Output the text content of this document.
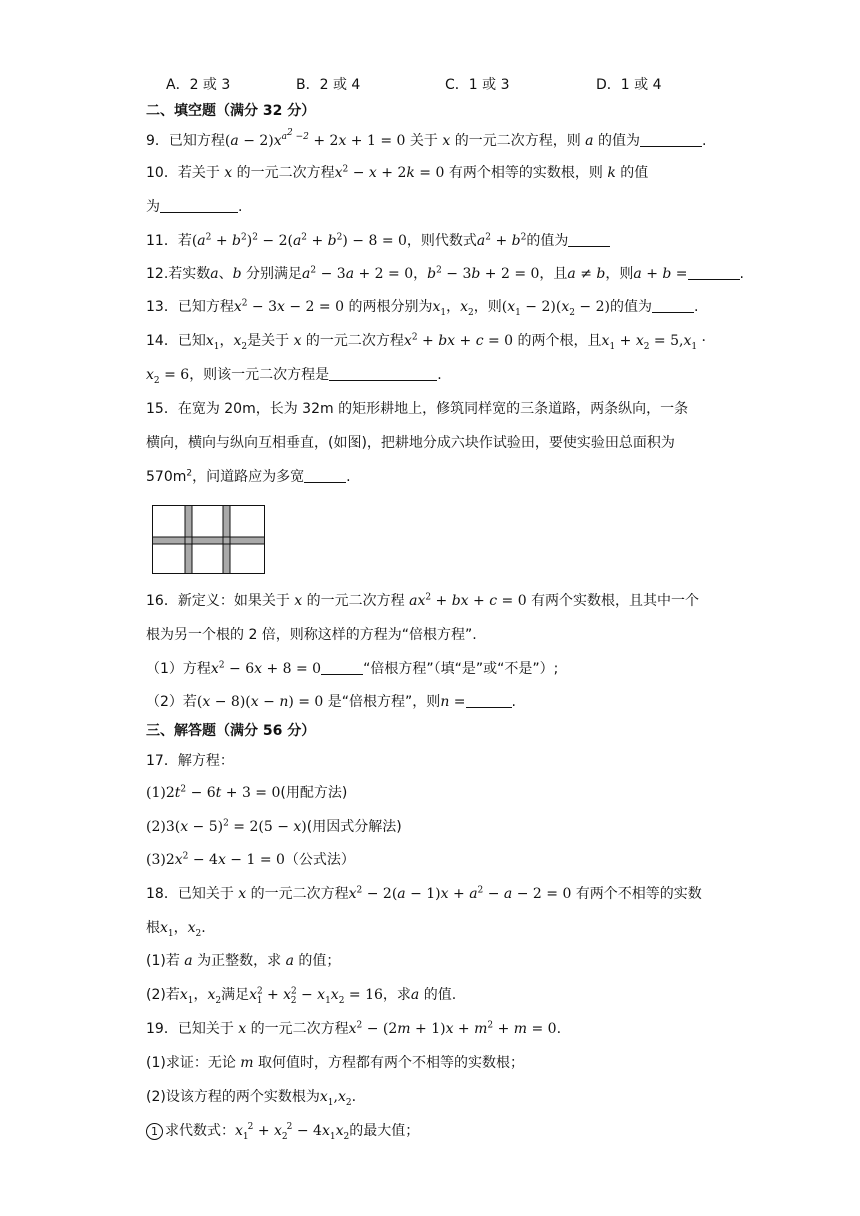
A．2 或 3	B．2 或 4	C．1 或 3	D．1 或 4
二、填空题（满分 32 分）
9．已知方程$(a - 2)x^{a^2 -2} + 2x + 1 = 0$ 关于 x 的一元二次方程，则 a 的值为	.
10．若关于 x 的一元二次方程$x^2 - x + 2k = 0$ 有两个相等的实数根，则 k 的值
为	.
11．若$(a^2 + b^2)^2 - 2(a^2 + b^2) - 8 = 0$，则代数式$a^2 + b^2$的值为
12.若实数a、b 分别满足$a^2 - 3a + 2 = 0$，$b^2 - 3b + 2 = 0$，且a ≠ b，则a + b =	.
13．已知方程$x^2 - 3x - 2 = 0$ 的两根分别为$x_1$，$x_2$，则$(x_1 - 2)(x_2 - 2)$的值为	.
14．已知$x_1$，$x_2$是关于 x 的一元二次方程$x^2$ + bx + c = 0 的两个根，且$x_1 + x_2 = 5,x_1$ ·
$x_2 = 6$，则该一元二次方程是	.
15．在宽为 20m，长为 32m 的矩形耕地上，修筑同样宽的三条道路，两条纵向，一条
横向，横向与纵向互相垂直，(如图)，把耕地分成六块作试验田，要使实验田总面积为
$570m^2$，问道路应为多宽	.
16．新定义：如果关于 x 的一元二次方程 $ax^2$ + bx + c = 0 有两个实数根，且其中一个
根为另一个根的 2 倍，则称这样的方程为“倍根方程”.
（1）方程$x^2 - 6x + 8 = 0$	“倍根方程”（填“是”或“不是”）;
（2）若(x − 8)(x − n) = 0 是“倍根方程”，则n =	.
三、解答题（满分 56 分）
17．解方程：
$(1)2t^2 - 6t + 3 = 0$(用配方法)
$(2)3(x - 5)^2 = 2(5 - x)$(用因式分解法)
$(3)2x^2 - 4x - 1 = 0$（公式法）
18．已知关于 x 的一元二次方程$x^2 - 2(a - 1)x + a^2 - a - 2 = 0$ 有两个不相等的实数
根$x_1$，$x_2$.
(1)若 a 为正整数，求 a 的值；
(2)若$x_1$，$x_2$满足$x^2_1 + x^2_2 - x_1x_2 = 16$，求a 的值.
19．已知关于 x 的一元二次方程$x^2 - (2m + 1)x + m^2 + m = 0$.
(1)求证：无论 m 取何值时，方程都有两个不相等的实数根；
(2)设该方程的两个实数根为$x_1,x_2$.
1 求代数式：$x_1^2 + x_2^2 - 4x_1x_2$的最大值；
